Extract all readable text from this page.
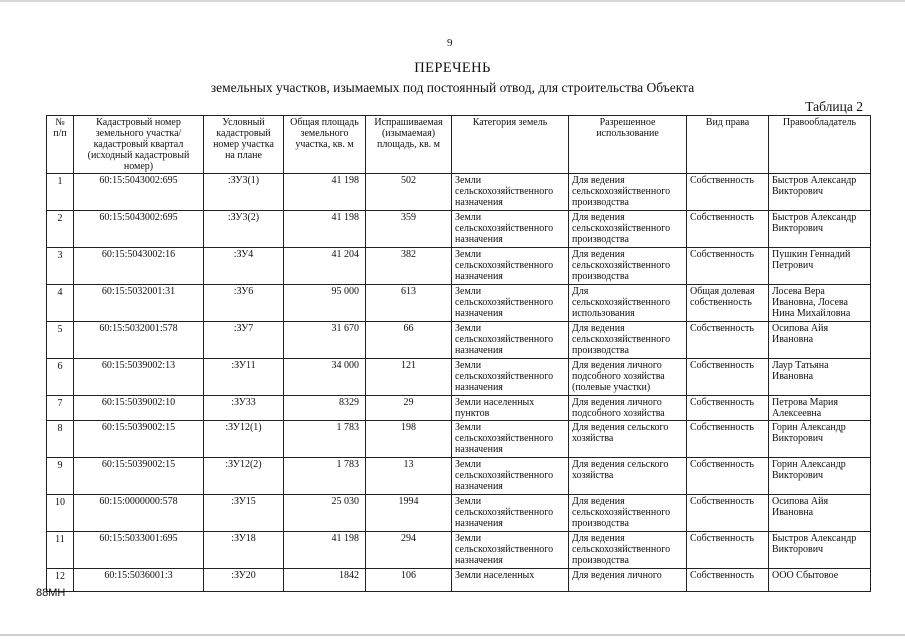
9
ПЕРЕЧЕНЬ
земельных участков, изымаемых под постоянный отвод, для строительства Объекта
Таблица 2
№ п/п	Кадастровый номер земельного участка/ кадастровый квартал (исходный кадастровый номер)	Условный кадастровый номер участка на плане	Общая площадь земельного участка, кв. м	Испрашиваемая (изымаемая) площадь, кв. м	Категория земель	Разрешенное использование	Вид права	Правообладатель
1	60:15:5043002:695	:ЗУ3(1)	41 198	502	Земли сельскохозяйственного назначения	Для ведения сельскохозяйственного производства	Собственность	Быстров Александр Викторович
2	60:15:5043002:695	:ЗУ3(2)	41 198	359	Земли сельскохозяйственного назначения	Для ведения сельскохозяйственного производства	Собственность	Быстров Александр Викторович
3	60:15:5043002:16	:ЗУ4	41 204	382	Земли сельскохозяйственного назначения	Для ведения сельскохозяйственного производства	Собственность	Пушкин Геннадий Петрович
4	60:15:5032001:31	:ЗУ6	95 000	613	Земли сельскохозяйственного назначения	Для сельскохозяйственного использования	Общая долевая собственность	Лосева Вера Ивановна, Лосева Нина Михайловна
5	60:15:5032001:578	:ЗУ7	31 670	66	Земли сельскохозяйственного назначения	Для ведения сельскохозяйственного производства	Собственность	Осипова Айя Ивановна
6	60:15:5039002:13	:ЗУ11	34 000	121	Земли сельскохозяйственного назначения	Для ведения личного подсобного хозяйства (полевые участки)	Собственность	Лаур Татьяна Ивановна
7	60:15:5039002:10	:ЗУ33	8329	29	Земли населенных пунктов	Для ведения личного подсобного хозяйства	Собственность	Петрова Мария Алексеевна
8	60:15:5039002:15	:ЗУ12(1)	1 783	198	Земли сельскохозяйственного назначения	Для ведения сельского хозяйства	Собственность	Горин Александр Викторович
9	60:15:5039002:15	:ЗУ12(2)	1 783	13	Земли сельскохозяйственного назначения	Для ведения сельского хозяйства	Собственность	Горин Александр Викторович
10	60:15:0000000:578	:ЗУ15	25 030	1994	Земли сельскохозяйственного назначения	Для ведения сельскохозяйственного производства	Собственность	Осипова Айя Ивановна
11	60:15:5033001:695	:ЗУ18	41 198	294	Земли сельскохозяйственного назначения	Для ведения сельскохозяйственного производства	Собственность	Быстров Александр Викторович
12	60:15:5036001:3	:ЗУ20	1842	106	Земли населенных	Для ведения личного	Собственность	ООО Сбытовое
88МН
